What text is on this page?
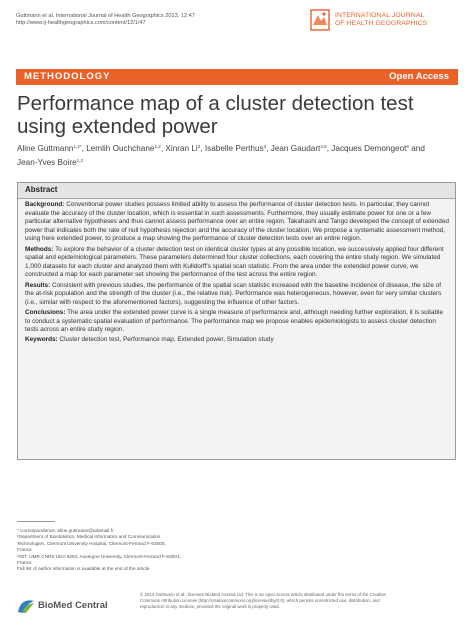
Guttmann et al. International Journal of Health Geographics 2013, 12:47
http://www.ij-healthgeographics.com/content/12/1/47
INTERNATIONAL JOURNAL
OF HEALTH GEOGRAPHICS
METHODOLOGY	Open Access
Performance map of a cluster detection test
using extended power
Aline Guttmann$^{1,2*}$, Lemlih Ouchchane$^{1,2}$, Xinran Li$^2$, Isabelle Perthus$^3$, Jean Gaudart$^{4,5}$, Jacques Demongeot$^6$ and Jean-Yves Boire$^{1,2}$
Abstract

Background: Conventional power studies possess limited ability to assess the performance of cluster detection tests. In particular, they cannot evaluate the accuracy of the cluster location, which is essential in such assessments. Furthermore, they usually estimate power for one or a few particular alternative hypotheses and thus cannot assess performance over an entire region. Takahashi and Tango developed the concept of extended power that indicates both the rate of null hypothesis rejection and the accuracy of the cluster location. We propose a systematic assessment method, using here extended power, to produce a map showing the performance of cluster detection tests over an entire region.

Methods: To explore the behavior of a cluster detection test on identical cluster types at any possible location, we successively applied four different spatial and epidemiological parameters. These parameters determined four cluster collections, each covering the entire study region. We simulated 1,000 datasets for each cluster and analyzed them with Kulldorff's spatial scan statistic. From the area under the extended power curve, we constructed a map for each parameter set showing the performance of the test across the entire region.

Results: Consistent with previous studies, the performance of the spatial scan statistic increased with the baseline incidence of disease, the size of the at-risk population and the strength of the cluster (i.e., the relative risk). Performance was heterogeneous, however, even for very similar clusters (i.e., similar with respect to the aforementioned factors), suggesting the influence of other factors.

Conclusions: The area under the extended power curve is a single measure of performance and, although needing further exploration, it is suitable to conduct a systematic spatial evaluation of performance. The performance map we propose enables epidemiologists to assess cluster detection tests across an entire study region.

Keywords: Cluster detection test, Performance map, Extended power, Simulation study

* Correspondence: aline.guttmann@udamail.fr
¹Department of Biostatistics, Medical Informatics and Communication
Technologies, Clermont University Hospital, Clermont-Ferrand F-63000,
France
²ISIT, UMR CNRS UDA 6284, Auvergne University, Clermont-Ferrand F-63001,
France
Full list of author information is available at the end of the article
BioMed Central
© 2013 Guttmann et al.; licensee BioMed Central Ltd. This is an open access article distributed under the terms of the Creative
Commons Attribution License (http://creativecommons.org/licenses/by/2.0), which permits unrestricted use, distribution, and
reproduction in any medium, provided the original work is properly cited.
